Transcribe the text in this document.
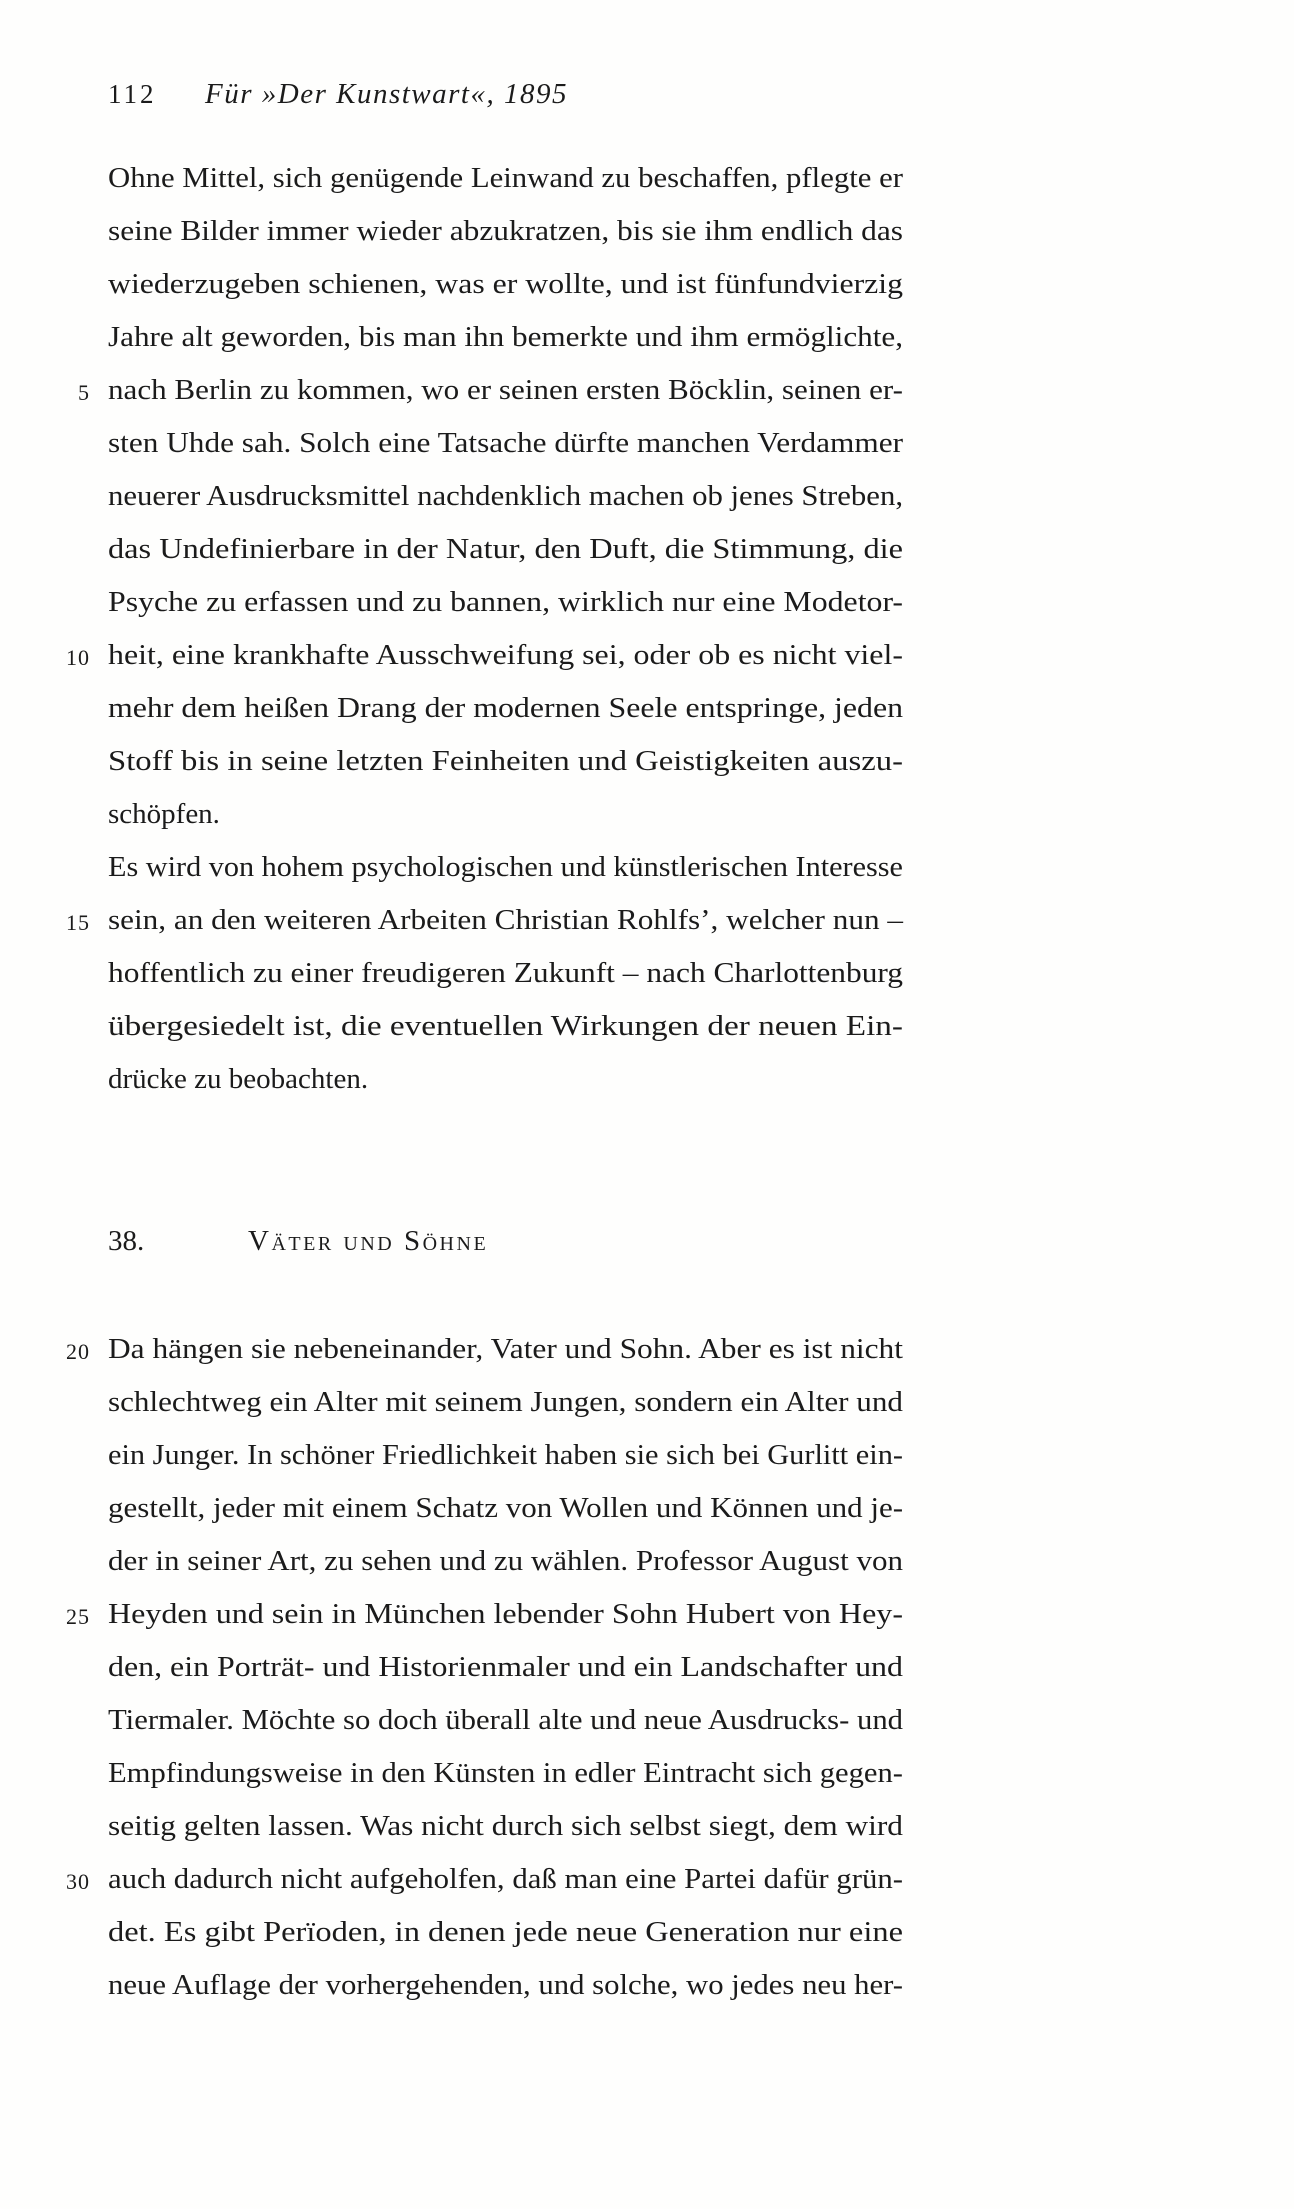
112 Für »Der Kunstwart«, 1895
Ohne Mittel, sich genügende Leinwand zu beschaffen, pflegte er
seine Bilder immer wieder abzukratzen, bis sie ihm endlich das
wiederzugeben schienen, was er wollte, und ist fünfundvierzig
Jahre alt geworden, bis man ihn bemerkte und ihm ermöglichte,
5 nach Berlin zu kommen, wo er seinen ersten Böcklin, seinen er-
sten Uhde sah. Solch eine Tatsache dürfte manchen Verdammer
neuerer Ausdrucksmittel nachdenklich machen ob jenes Streben,
das Undefinierbare in der Natur, den Duft, die Stimmung, die
Psyche zu erfassen und zu bannen, wirklich nur eine Modetor-
10 heit, eine krankhafte Ausschweifung sei, oder ob es nicht viel-
mehr dem heißen Drang der modernen Seele entspringe, jeden
Stoff bis in seine letzten Feinheiten und Geistigkeiten auszu-
schöpfen.
Es wird von hohem psychologischen und künstlerischen Interesse
15 sein, an den weiteren Arbeiten Christian Rohlfs’, welcher nun –
hoffentlich zu einer freudigeren Zukunft – nach Charlottenburg
übergesiedelt ist, die eventuellen Wirkungen der neuen Ein-
drücke zu beobachten.
38.	Väter und Söhne
20 Da hängen sie nebeneinander, Vater und Sohn. Aber es ist nicht
schlechtweg ein Alter mit seinem Jungen, sondern ein Alter und
ein Junger. In schöner Friedlichkeit haben sie sich bei Gurlitt ein-
gestellt, jeder mit einem Schatz von Wollen und Können und je-
der in seiner Art, zu sehen und zu wählen. Professor August von
25 Heyden und sein in München lebender Sohn Hubert von Hey-
den, ein Porträt- und Historienmaler und ein Landschafter und
Tiermaler. Möchte so doch überall alte und neue Ausdrucks- und
Empfindungsweise in den Künsten in edler Eintracht sich gegen-
seitig gelten lassen. Was nicht durch sich selbst siegt, dem wird
30 auch dadurch nicht aufgeholfen, daß man eine Partei dafür grün-
det. Es gibt Perïoden, in denen jede neue Generation nur eine
neue Auflage der vorhergehenden, und solche, wo jedes neu her-
